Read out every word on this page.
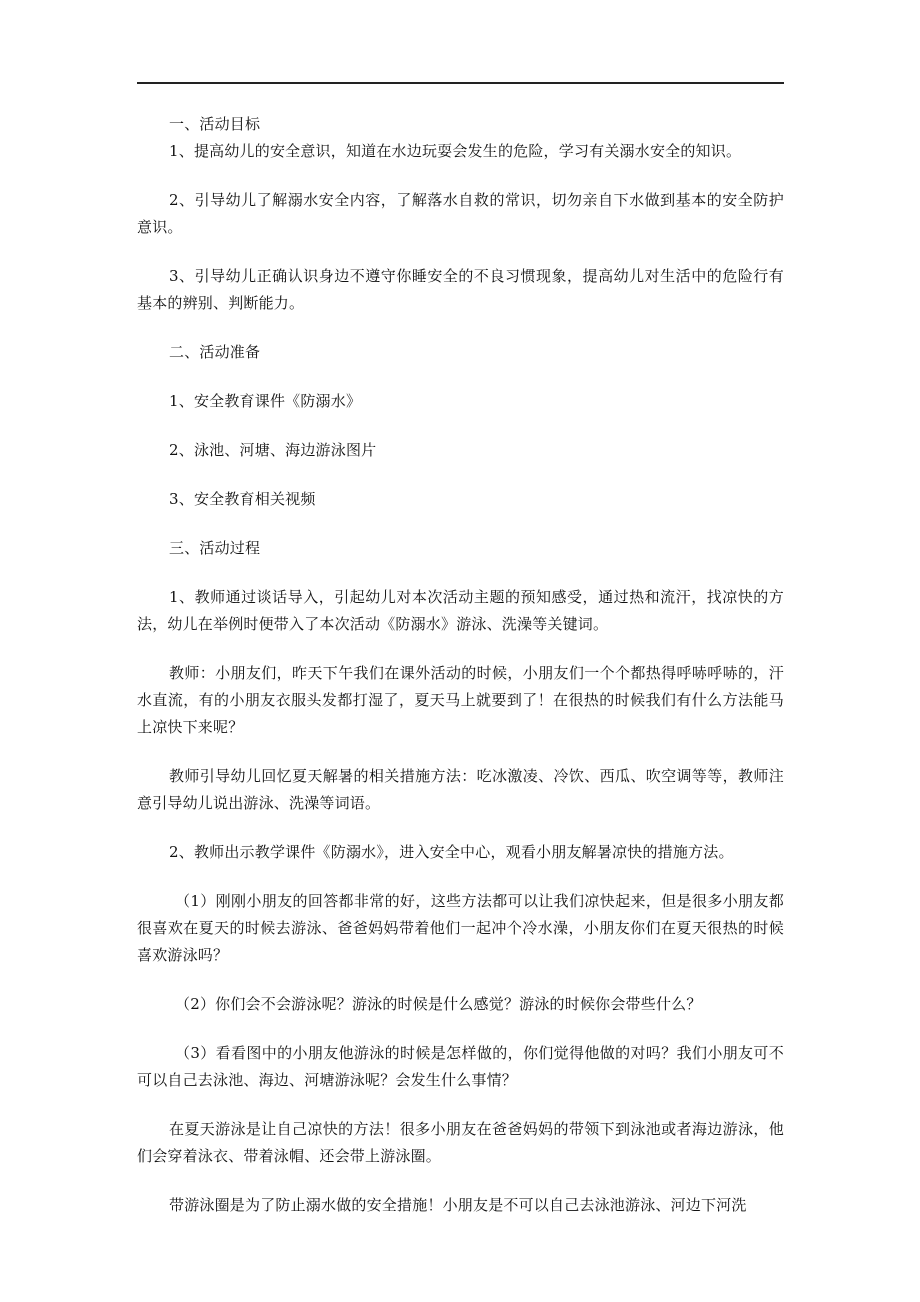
一、活动目标

1、提高幼儿的安全意识，知道在水边玩耍会发生的危险，学习有关溺水安全的知识。

2、引导幼儿了解溺水安全内容，了解落水自救的常识，切勿亲自下水做到基本的安全防护意识。

3、引导幼儿正确认识身边不遵守你睡安全的不良习惯现象，提高幼儿对生活中的危险行有基本的辨别、判断能力。

二、活动准备

1、安全教育课件《防溺水》

2、泳池、河塘、海边游泳图片

3、安全教育相关视频

三、活动过程

1、教师通过谈话导入，引起幼儿对本次活动主题的预知感受，通过热和流汗，找凉快的方法，幼儿在举例时便带入了本次活动《防溺水》游泳、洗澡等关键词。

教师：小朋友们，昨天下午我们在课外活动的时候，小朋友们一个个都热得呼哧呼哧的，汗水直流，有的小朋友衣服头发都打湿了，夏天马上就要到了！在很热的时候我们有什么方法能马上凉快下来呢？

教师引导幼儿回忆夏天解暑的相关措施方法：吃冰激凌、冷饮、西瓜、吹空调等等，教师注意引导幼儿说出游泳、洗澡等词语。

2、教师出示教学课件《防溺水》，进入安全中心，观看小朋友解暑凉快的措施方法。

（1）刚刚小朋友的回答都非常的好，这些方法都可以让我们凉快起来，但是很多小朋友都很喜欢在夏天的时候去游泳、爸爸妈妈带着他们一起冲个冷水澡，小朋友你们在夏天很热的时候喜欢游泳吗？

（2）你们会不会游泳呢？游泳的时候是什么感觉？游泳的时候你会带些什么？

（3）看看图中的小朋友他游泳的时候是怎样做的，你们觉得他做的对吗？我们小朋友可不可以自己去泳池、海边、河塘游泳呢？会发生什么事情？

在夏天游泳是让自己凉快的方法！很多小朋友在爸爸妈妈的带领下到泳池或者海边游泳，他们会穿着泳衣、带着泳帽、还会带上游泳圈。

带游泳圈是为了防止溺水做的安全措施！小朋友是不可以自己去泳池游泳、河边下河洗
